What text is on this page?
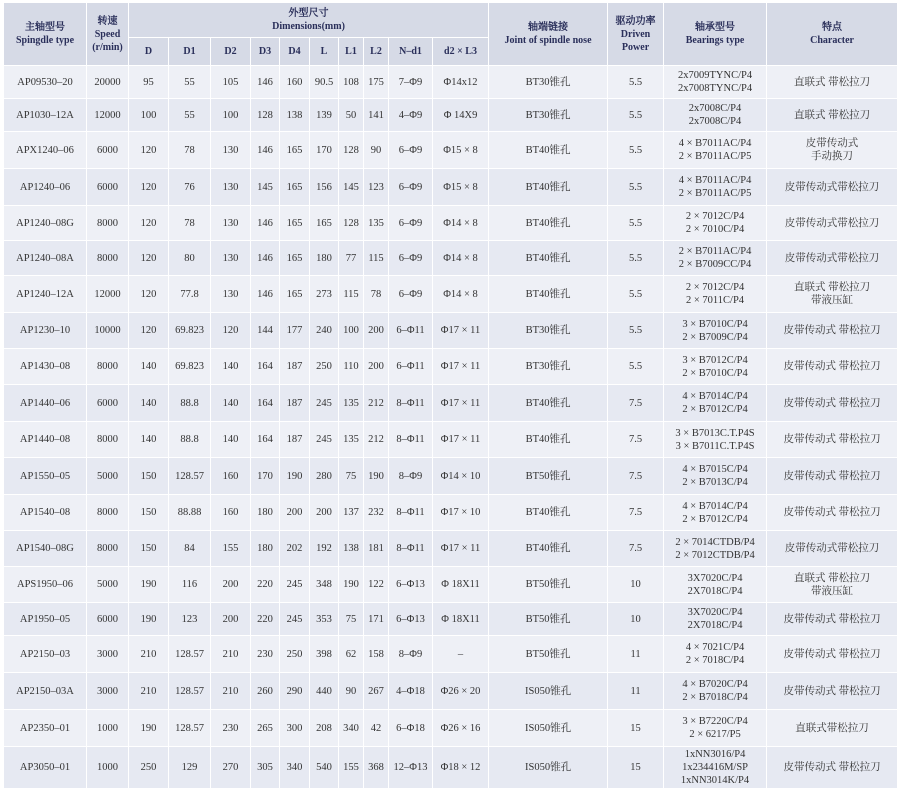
主轴型号
Spingdle type	转速
Speed
(r/min)	外型尺寸
Dimensions(mm)										轴端链接
Joint of spindle nose	驱动功率
Driven
Power	轴承型号
Bearings type	特点
Character

		D	D1	D2	D3	D4	L	L1	L2	N–d1	d2 × L3				
AP09530–20	20000	95	55	105	146	160	90.5	108	175	7–Φ9	Φ14x12	BT30锥孔	5.5	2x7009TYNC/P4
2x7008TYNC/P4	直联式 带松拉刀

AP1030–12A	12000	100	55	100	128	138	139	50	141	4–Φ9	Φ 14X9	BT30锥孔	5.5	2x7008C/P4
2x7008C/P4	直联式 带松拉刀

APX1240–06	6000	120	78	130	146	165	170	128	90	6–Φ9	Φ15 × 8	BT40锥孔	5.5	4 × B7011AC/P4
2 × B7011AC/P5	皮带传动式
手动换刀

AP1240–06	6000	120	76	130	145	165	156	145	123	6–Φ9	Φ15 × 8	BT40锥孔	5.5	4 × B7011AC/P4
2 × B7011AC/P5	皮带传动式带松拉刀

AP1240–08G	8000	120	78	130	146	165	165	128	135	6–Φ9	Φ14 × 8	BT40锥孔	5.5	2 × 7012C/P4
2 × 7010C/P4	皮带传动式带松拉刀

AP1240–08A	8000	120	80	130	146	165	180	77	115	6–Φ9	Φ14 × 8	BT40锥孔	5.5	2 × B7011AC/P4
2 × B7009CC/P4	皮带传动式带松拉刀

AP1240–12A	12000	120	77.8	130	146	165	273	115	78	6–Φ9	Φ14 × 8	BT40锥孔	5.5	2 × 7012C/P4
2 × 7011C/P4	直联式 带松拉刀
带液压缸

AP1230–10	10000	120	69.823	120	144	177	240	100	200	6–Φ11	Φ17 × 11	BT30锥孔	5.5	3 × B7010C/P4
2 × B7009C/P4	皮带传动式 带松拉刀

AP1430–08	8000	140	69.823	140	164	187	250	110	200	6–Φ11	Φ17 × 11	BT30锥孔	5.5	3 × B7012C/P4
2 × B7010C/P4	皮带传动式 带松拉刀

AP1440–06	6000	140	88.8	140	164	187	245	135	212	8–Φ11	Φ17 × 11	BT40锥孔	7.5	4 × B7014C/P4
2 × B7012C/P4	皮带传动式 带松拉刀

AP1440–08	8000	140	88.8	140	164	187	245	135	212	8–Φ11	Φ17 × 11	BT40锥孔	7.5	3 × B7013C.T.P4S
3 × B7011C.T.P4S	皮带传动式 带松拉刀

AP1550–05	5000	150	128.57	160	170	190	280	75	190	8–Φ9	Φ14 × 10	BT50锥孔	7.5	4 × B7015C/P4
2 × B7013C/P4	皮带传动式 带松拉刀

AP1540–08	8000	150	88.88	160	180	200	200	137	232	8–Φ11	Φ17 × 10	BT40锥孔	7.5	4 × B7014C/P4
2 × B7012C/P4	皮带传动式 带松拉刀

AP1540–08G	8000	150	84	155	180	202	192	138	181	8–Φ11	Φ17 × 11	BT40锥孔	7.5	2 × 7014CTDB/P4
2 × 7012CTDB/P4	皮带传动式带松拉刀

APS1950–06	5000	190	116	200	220	245	348	190	122	6–Φ13	Φ 18X11	BT50锥孔	10	3X7020C/P4
2X7018C/P4	直联式 带松拉刀
带液压缸

AP1950–05	6000	190	123	200	220	245	353	75	171	6–Φ13	Φ 18X11	BT50锥孔	10	3X7020C/P4
2X7018C/P4	皮带传动式 带松拉刀

AP2150–03	3000	210	128.57	210	230	250	398	62	158	8–Φ9	–	BT50锥孔	11	4 × 7021C/P4
2 × 7018C/P4	皮带传动式 带松拉刀

AP2150–03A	3000	210	128.57	210	260	290	440	90	267	4–Φ18	Φ26 × 20	IS050锥孔	11	4 × B7020C/P4
2 × B7018C/P4	皮带传动式 带松拉刀

AP2350–01	1000	190	128.57	230	265	300	208	340	42	6–Φ18	Φ26 × 16	IS050锥孔	15	3 × B7220C/P4
2 × 6217/P5	直联式带松拉刀

AP3050–01	1000	250	129	270	305	340	540	155	368	12–Φ13	Φ18 × 12	IS050锥孔	15	1xNN3016/P4
1x234416M/SP
1xNN3014K/P4	皮带传动式 带松拉刀
